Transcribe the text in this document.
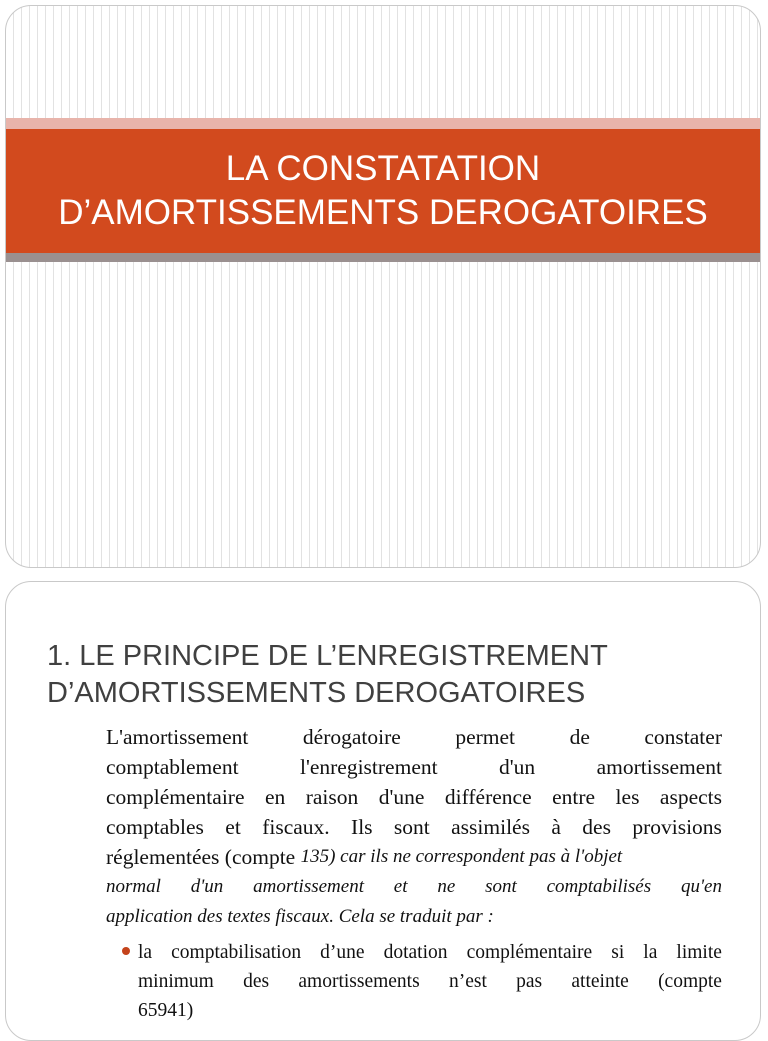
LA CONSTATATION
D’AMORTISSEMENTS DEROGATOIRES
1. LE PRINCIPE DE L’ENREGISTREMENT
D’AMORTISSEMENTS DEROGATOIRES
L'amortissement	dérogatoire	permet	de	constater
comptablement	l'enregistrement	d'un	amortissement
complémentaire en raison d'une différence entre les aspects
comptables et fiscaux. Ils sont assimilés à des provisions
réglementées (compte 135) car ils ne correspondent pas à l'objet
normal d'un amortissement et ne sont comptabilisés qu'en
application des textes fiscaux. Cela se traduit par :
la comptabilisation d’une dotation complémentaire si la limite
minimum des amortissements n’est pas atteinte (compte
65941)
